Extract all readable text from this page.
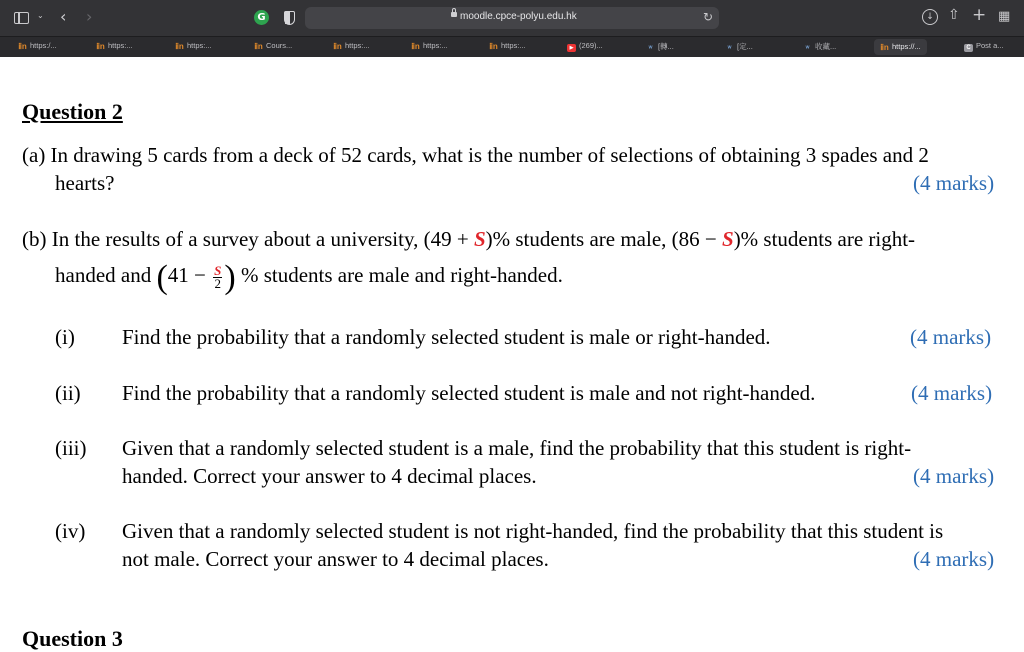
⌄ ‹ ›	G	moodle.cpce-polyu.edu.hk	↻	↓	⇧ + ▦
ⅱn https:/...	ⅱn https:...	ⅱn https:...	ⅱn Cours...	ⅱn https:...	ⅱn https:...	ⅱn https:...	▶ (269)...	ᵂ [轉...	ᵂ [定...	ᵂ 收藏...	ⅱn https://...	C Post a...
Question 2
(a) In drawing 5 cards from a deck of 52 cards, what is the number of selections of obtaining 3 spades and 2
hearts?	(4 marks)
(b) In the results of a survey about a university, (49 + S)% students are male, (86 − S)% students are right-
handed and ($41 - \frac{S}{2}$ ) % students are male and right-handed.
(i) Find the probability that a randomly selected student is male or right-handed.	(4 marks)
(ii) Find the probability that a randomly selected student is male and not right-handed.	(4 marks)
(iii) Given that a randomly selected student is a male, find the probability that this student is right-
handed. Correct your answer to 4 decimal places.	(4 marks)
(iv) Given that a randomly selected student is not right-handed, find the probability that this student is
not male. Correct your answer to 4 decimal places.	(4 marks)
Question 3
